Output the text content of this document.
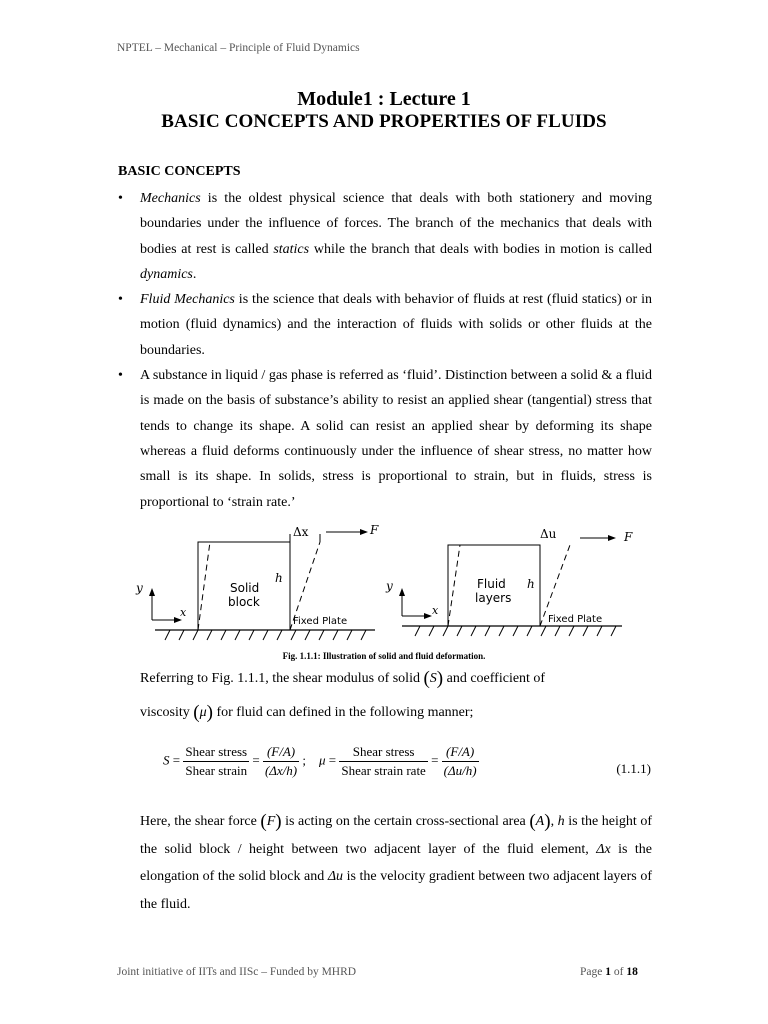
NPTEL – Mechanical – Principle of Fluid Dynamics
Module1 : Lecture 1
BASIC CONCEPTS AND PROPERTIES OF FLUIDS
BASIC CONCEPTS
• Mechanics is the oldest physical science that deals with both stationery and moving boundaries under the influence of forces. The branch of the mechanics that deals with bodies at rest is called statics while the branch that deals with bodies in motion is called dynamics.
• Fluid Mechanics is the science that deals with behavior of fluids at rest (fluid statics) or in motion (fluid dynamics) and the interaction of fluids with solids or other fluids at the boundaries.
• A substance in liquid / gas phase is referred as ‘fluid’. Distinction between a solid & a fluid is made on the basis of substance’s ability to resist an applied shear (tangential) stress that tends to change its shape. A solid can resist an applied shear by deforming its shape whereas a fluid deforms continuously under the influence of shear stress, no matter how small is its shape. In solids, stress is proportional to strain, but in fluids, stress is proportional to ‘strain rate.’
Solid
block
h
Δx	F
Fixed Plate
y
x
Fluid
layers
h
Δu	F
Fixed Plate
y
x
Fig. 1.1.1: Illustration of solid and fluid deformation.
Referring to Fig. 1.1.1, the shear modulus of solid (S) and coefficient of
viscosity (μ) for fluid can defined in the following manner;
$S = \frac{\text{Shear stress}}{\text{Shear strain}} = \frac{(F/A)}{(\Delta x/h)}$ ; $\mu = \frac{\text{Shear stress}}{\text{Shear strain rate}} = \frac{(F/A)}{(\Delta u/h)}$	(1.1.1)
Here, the shear force (F) is acting on the certain cross-sectional area (A), h is the height of the solid block / height between two adjacent layer of the fluid element, Δx is the elongation of the solid block and Δu is the velocity gradient between two adjacent layers of the fluid.
Joint initiative of IITs and IISc – Funded by MHRD	Page 1 of 18
